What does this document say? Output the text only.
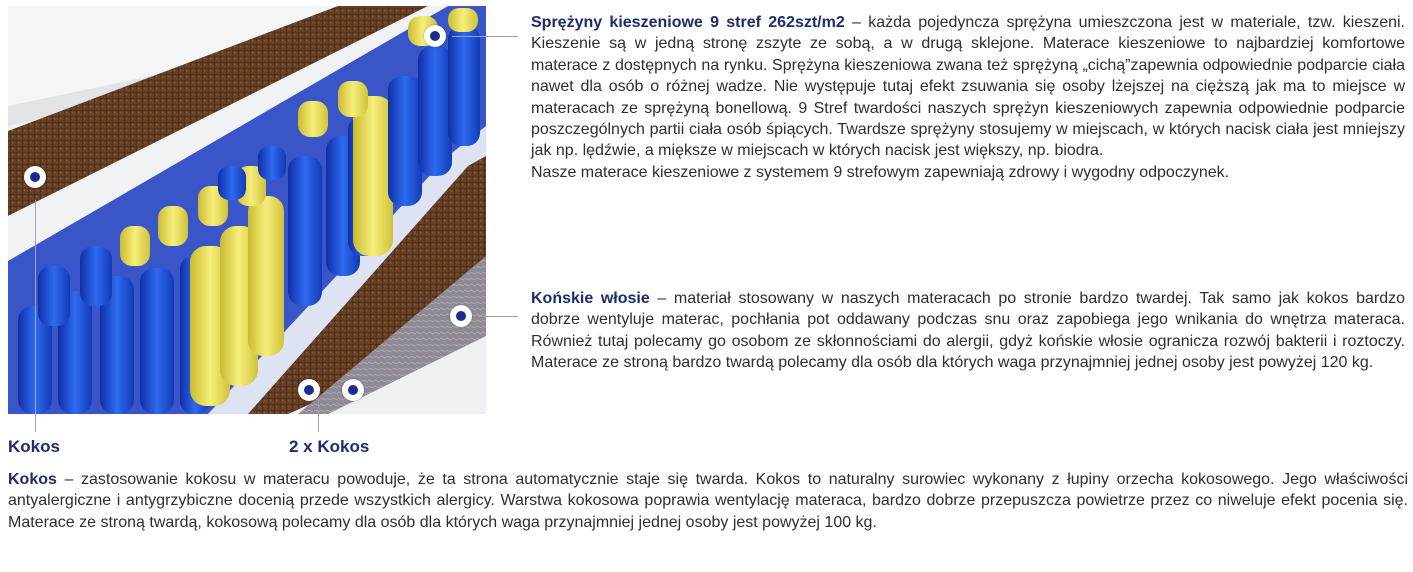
Kokos	2 x Kokos

Sprężyny kieszeniowe 9 stref 262szt/m2 – każda pojedyncza sprężyna umieszczona jest w materiale, tzw. kieszeni. Kieszenie są w jedną stronę zszyte ze sobą, a w drugą sklejone. Materace kieszeniowe to najbardziej komfortowe materace z dostępnych na rynku. Sprężyna kieszeniowa zwana też sprężyną „cichą”zapewnia odpowiednie podparcie ciała nawet dla osób o różnej wadze. Nie występuje tutaj efekt zsuwania się osoby lżejszej na cięższą jak ma to miejsce w materacach ze sprężyną bonellową. 9 Stref twardości naszych sprężyn kieszeniowych zapewnia odpowiednie podparcie poszczególnych partii ciała osób śpiących. Twardsze sprężyny stosujemy w miejscach, w których nacisk ciała jest mniejszy jak np. lędźwie, a miększe w miejscach w których nacisk jest większy, np. biodra.

Nasze materace kieszeniowe z systemem 9 strefowym zapewniają zdrowy i wygodny odpoczynek.

Końskie włosie – materiał stosowany w naszych materacach po stronie bardzo twardej. Tak samo jak kokos bardzo dobrze wentyluje materac, pochłania pot oddawany podczas snu oraz zapobiega jego wnikania do wnętrza materaca. Również tutaj polecamy go osobom ze skłonnościami do alergii, gdyż końskie włosie ogranicza rozwój bakterii i roztoczy. Materace ze stroną bardzo twardą polecamy dla osób dla których waga przynajmniej jednej osoby jest powyżej 120 kg.

Kokos – zastosowanie kokosu w materacu powoduje, że ta strona automatycznie staje się twarda. Kokos to naturalny surowiec wykonany z łupiny orzecha kokosowego. Jego właściwości antyalergiczne i antygrzybiczne docenią przede wszystkich alergicy. Warstwa kokosowa poprawia wentylację materaca, bardzo dobrze przepuszcza powietrze przez co niweluje efekt pocenia się. Materace ze stroną twardą, kokosową polecamy dla osób dla których waga przynajmniej jednej osoby jest powyżej 100 kg.
